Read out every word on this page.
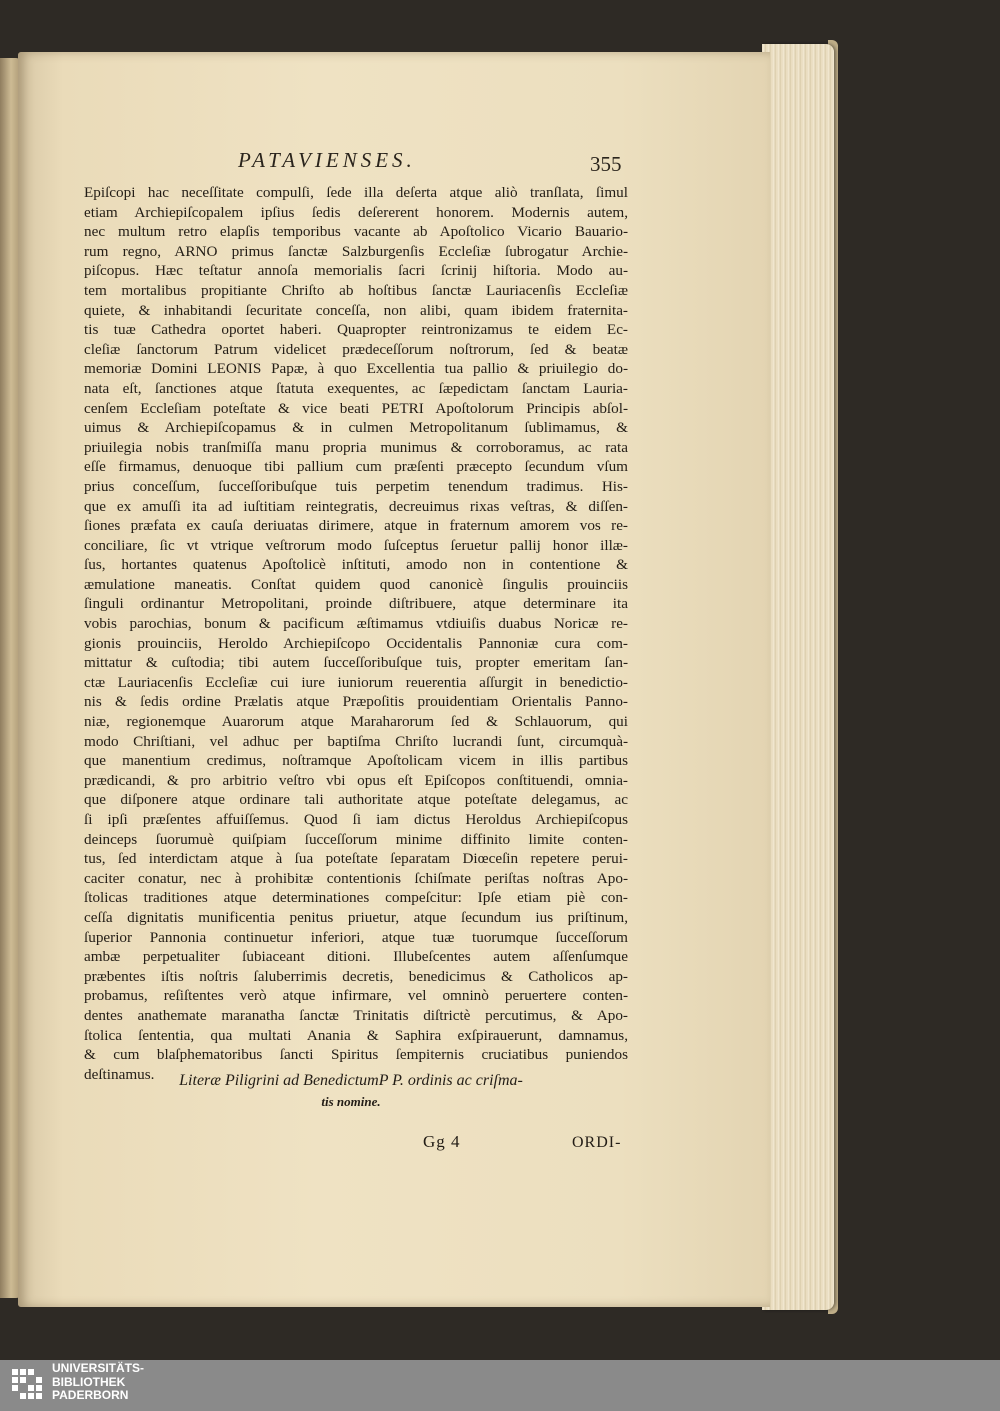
PATAVIENSES.	355

Epiſcopi hac neceſſitate compulſi, ſede illa deſerta atque aliò tranſlata, ſimul
etiam Archiepiſcopalem ipſius ſedis deſererent honorem. Modernis autem,
nec multum retro elapſis temporibus vacante ab Apoſtolico Vicario Bauario-
rum regno, ARNO primus ſanctæ Salzburgenſis Eccleſiæ ſubrogatur Archie-
piſcopus. Hæc teſtatur annoſa memorialis ſacri ſcrinij hiſtoria. Modo au-
tem mortalibus propitiante Chriſto ab hoſtibus ſanctæ Lauriacenſis Eccleſiæ
quiete, & inhabitandi ſecuritate conceſſa, non alibi, quam ibidem fraternita-
tis tuæ Cathedra oportet haberi. Quapropter reintronizamus te eidem Ec-
cleſiæ ſanctorum Patrum videlicet prædeceſſorum noſtrorum, ſed & beatæ
memoriæ Domini LEONIS Papæ, à quo Excellentia tua pallio & priuilegio do-
nata eſt, ſanctiones atque ſtatuta exequentes, ac ſæpedictam ſanctam Lauria-
cenſem Eccleſiam poteſtate & vice beati PETRI Apoſtolorum Principis abſol-
uimus & Archiepiſcopamus & in culmen Metropolitanum ſublimamus, &
priuilegia nobis tranſmiſſa manu propria munimus & corroboramus, ac rata
eſſe firmamus, denuoque tibi pallium cum præſenti præcepto ſecundum vſum
prius conceſſum, ſucceſſoribuſque tuis perpetim tenendum tradimus. His-
que ex amuſſi ita ad iuſtitiam reintegratis, decreuimus rixas veſtras, & diſſen-
ſiones præfata ex cauſa deriuatas dirimere, atque in fraternum amorem vos re-
conciliare, ſic vt vtrique veſtrorum modo ſuſceptus ſeruetur pallij honor illæ-
ſus, hortantes quatenus Apoſtolicè inſtituti, amodo non in contentione &
æmulatione maneatis. Conſtat quidem quod canonicè ſingulis prouinciis
ſinguli ordinantur Metropolitani, proinde diſtribuere, atque determinare ita
vobis parochias, bonum & pacificum æſtimamus vtdiuiſis duabus Noricæ re-
gionis prouinciis, Heroldo Archiepiſcopo Occidentalis Pannoniæ cura com-
mittatur & cuſtodia; tibi autem ſucceſſoribuſque tuis, propter emeritam ſan-
ctæ Lauriacenſis Eccleſiæ cui iure iuniorum reuerentia aſſurgit in benedictio-
nis & ſedis ordine Prælatis atque Præpoſitis prouidentiam Orientalis Panno-
niæ, regionemque Auarorum atque Maraharorum ſed & Schlauorum, qui
modo Chriſtiani, vel adhuc per baptiſma Chriſto lucrandi ſunt, circumquà-
que manentium credimus, noſtramque Apoſtolicam vicem in illis partibus
prædicandi, & pro arbitrio veſtro vbi opus eſt Epiſcopos conſtituendi, omnia-
que diſponere atque ordinare tali authoritate atque poteſtate delegamus, ac
ſi ipſi præſentes affuiſſemus. Quod ſi iam dictus Heroldus Archiepiſcopus
deinceps ſuorumuè quiſpiam ſucceſſorum minime diffinito limite conten-
tus, ſed interdictam atque à ſua poteſtate ſeparatam Diœceſin repetere perui-
caciter conatur, nec à prohibitæ contentionis ſchiſmate periſtas noſtras Apo-
ſtolicas traditiones atque determinationes compeſcitur: Ipſe etiam piè con-
ceſſa dignitatis munificentia penitus priuetur, atque ſecundum ius priſtinum,
ſuperior Pannonia continuetur inferiori, atque tuæ tuorumque ſucceſſorum
ambæ perpetualiter ſubiaceant ditioni. Illubeſcentes autem aſſenſumque
præbentes iſtis noſtris ſaluberrimis decretis, benedicimus & Catholicos ap-
probamus, reſiſtentes verò atque infirmare, vel omninò peruertere conten-
dentes anathemate maranatha ſanctæ Trinitatis diſtrictè percutimus, & Apo-
ſtolica ſententia, qua multati Anania & Saphira exſpirauerunt, damnamus,
& cum blaſphematoribus ſancti Spiritus ſempiternis cruciatibus puniendos
deſtinamus.	Literæ Piligrini ad BenedictumP P. ordinis ac criſma-
tis nomine.
Gg 4	ORDI-
UNIVERSITÄTS-
BIBLIOTHEK
PADERBORN
